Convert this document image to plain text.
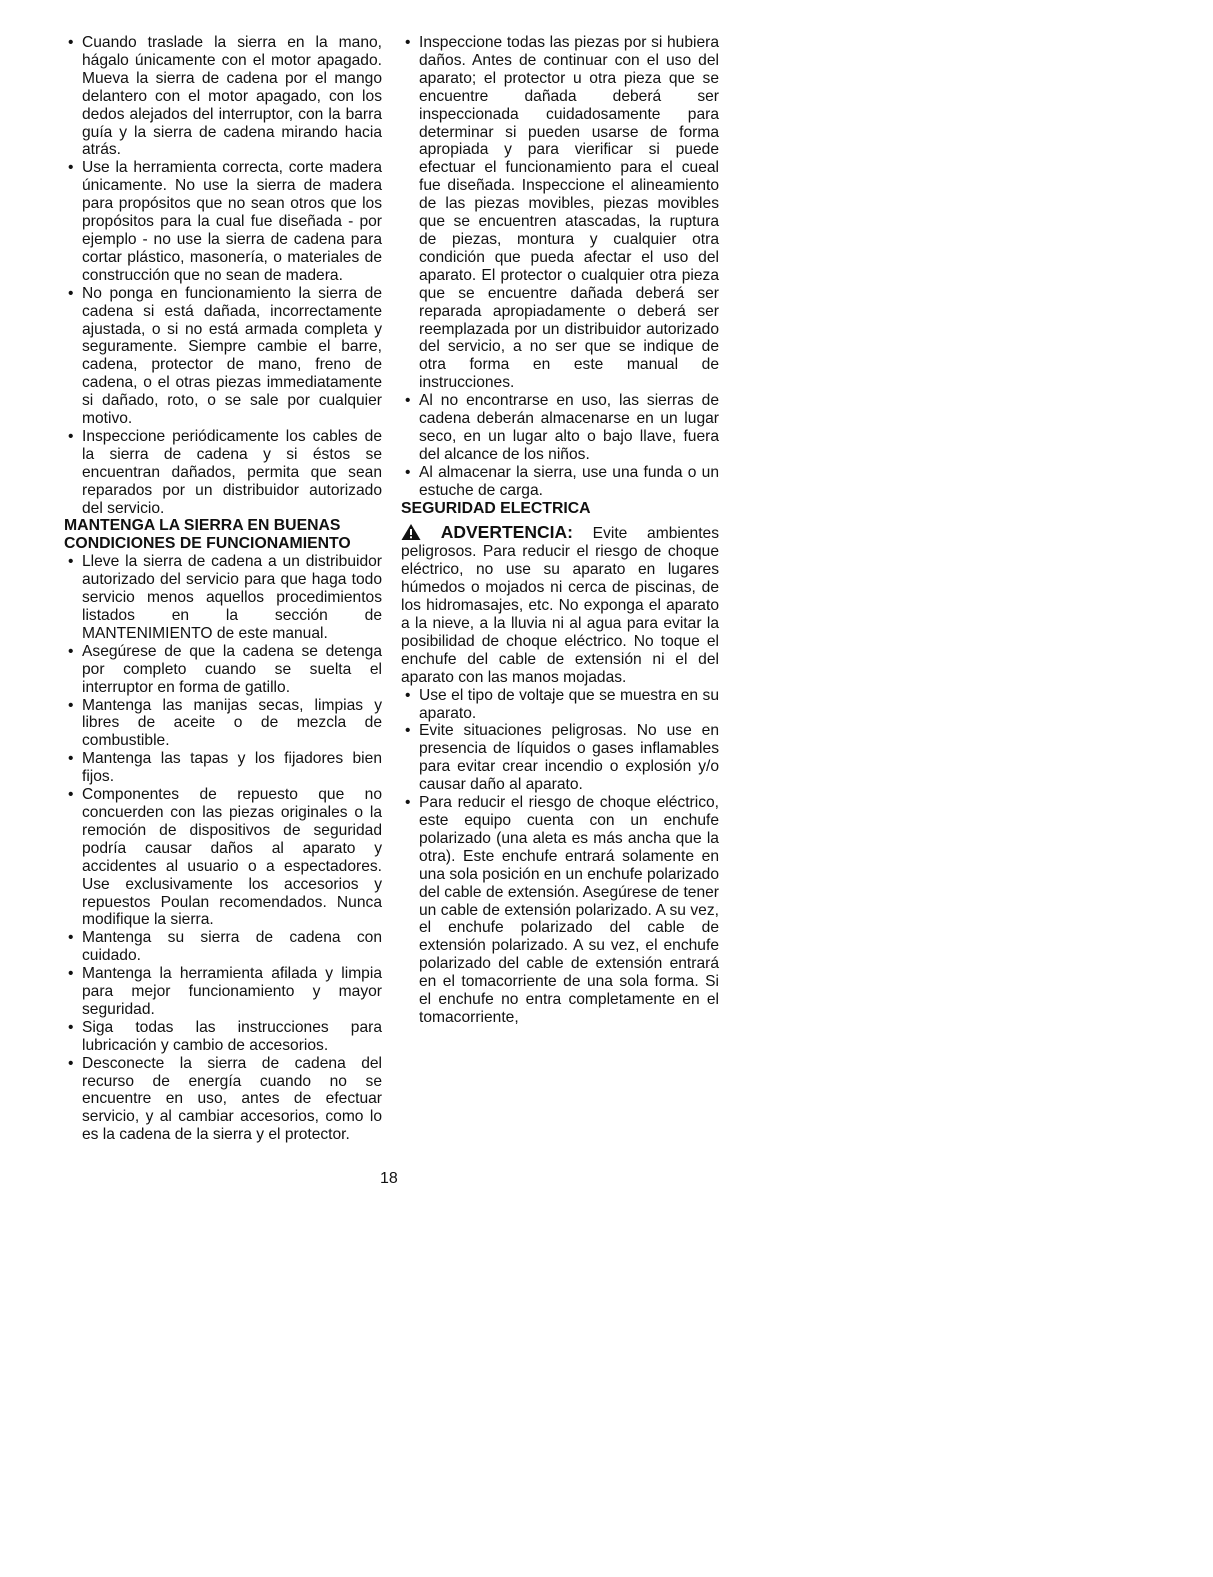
• Cuando traslade la sierra en la mano, hágalo únicamente con el motor apagado. Mueva la sierra de cadena por el mango delantero con el motor apagado, con los dedos alejados del interruptor, con la barra guía y la sierra de cadena mirando hacia atrás.
• Use la herramienta correcta, corte madera únicamente. No use la sierra de madera para propósitos que no sean otros que los propósitos para la cual fue diseñada - por ejemplo - no use la sierra de cadena para cortar plástico, masonería, o materiales de construcción que no sean de madera.
• No ponga en funcionamiento la sierra de cadena si está dañada, incorrectamente ajustada, o si no está armada completa y seguramente. Siempre cambie el barre, cadena, protector de mano, freno de cadena, o el otras piezas immediatamente si dañado, roto, o se sale por cualquier motivo.
• Inspeccione periódicamente los cables de la sierra de cadena y si éstos se encuentran dañados, permita que sean reparados por un distribuidor autorizado del servicio.
MANTENGA LA SIERRA EN BUENAS CONDICIONES DE FUNCIONAMIENTO
• Lleve la sierra de cadena a un distribuidor autorizado del servicio para que haga todo servicio menos aquellos procedimientos listados en la sección de MANTENIMIENTO de este manual.
• Asegúrese de que la cadena se detenga por completo cuando se suelta el interruptor en forma de gatillo.
• Mantenga las manijas secas, limpias y libres de aceite o de mezcla de combustible.
• Mantenga las tapas y los fijadores bien fijos.
• Componentes de repuesto que no concuerden con las piezas originales o la remoción de dispositivos de seguridad podría causar daños al aparato y accidentes al usuario o a espectadores. Use exclusivamente los accesorios y repuestos Poulan recomendados. Nunca modifique la sierra.
• Mantenga su sierra de cadena con cuidado.
• Mantenga la herramienta afilada y limpia para mejor funcionamiento y mayor seguridad.
• Siga todas las instrucciones para lubricación y cambio de accesorios.
• Desconecte la sierra de cadena del recurso de energía cuando no se encuentre en uso, antes de efectuar servicio, y al cambiar accesorios, como lo es la cadena de la sierra y el protector.
• Inspeccione todas las piezas por si hubiera daños. Antes de continuar con el uso del aparato; el protector u otra pieza que se encuentre dañada deberá ser inspeccionada cuidadosamente para determinar si pueden usarse de forma apropiada y para vierificar si puede efectuar el funcionamiento para el cueal fue diseñada. Inspeccione el alineamiento de las piezas movibles, piezas movibles que se encuentren atascadas, la ruptura de piezas, montura y cualquier otra condición que pueda afectar el uso del aparato. El protector o cualquier otra pieza que se encuentre dañada deberá ser reparada apropiadamente o deberá ser reemplazada por un distribuidor autorizado del servicio, a no ser que se indique de otra forma en este manual de instrucciones.
• Al no encontrarse en uso, las sierras de cadena deberán almacenarse en un lugar seco, en un lugar alto o bajo llave, fuera del alcance de los niños.
• Al almacenar la sierra, use una funda o un estuche de carga.
SEGURIDAD ELECTRICA
ADVERTENCIA: Evite ambientes peligrosos. Para reducir el riesgo de choque eléctrico, no use su aparato en lugares húmedos o mojados ni cerca de piscinas, de los hidromasajes, etc. No exponga el aparato a la nieve, a la lluvia ni al agua para evitar la posibilidad de choque eléctrico. No toque el enchufe del cable de extensión ni el del aparato con las manos mojadas.
• Use el tipo de voltaje que se muestra en su aparato.
• Evite situaciones peligrosas. No use en presencia de líquidos o gases inflamables para evitar crear incendio o explosión y/o causar daño al aparato.
• Para reducir el riesgo de choque eléctrico, este equipo cuenta con un enchufe polarizado (una aleta es más ancha que la otra). Este enchufe entrará solamente en una sola posición en un enchufe polarizado del cable de extensión. Asegúrese de tener un cable de extensión polarizado. A su vez, el enchufe polarizado del cable de extensión polarizado. A su vez, el enchufe polarizado del cable de extensión entrará en el tomacorriente de una sola forma. Si el enchufe no entra completamente en el tomacorriente,
18
